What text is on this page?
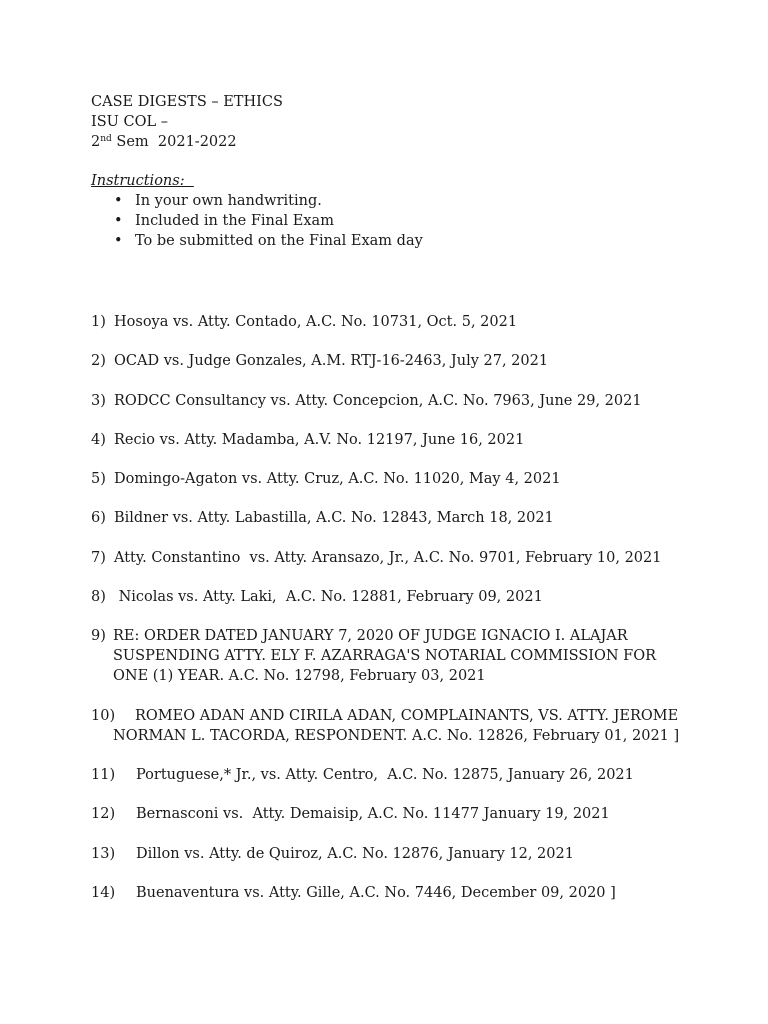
CASE DIGESTS – ETHICS
ISU COL –
2nd Sem  2021-2022
Instructions:
• In your own handwriting.
• Included in the Final Exam
• To be submitted on the Final Exam day
1) Hosoya vs. Atty. Contado, A.C. No. 10731, Oct. 5, 2021
2) OCAD vs. Judge Gonzales, A.M. RTJ-16-2463, July 27, 2021
3) RODCC Consultancy vs. Atty. Concepcion, A.C. No. 7963, June 29, 2021
4) Recio vs. Atty. Madamba, A.V. No. 12197, June 16, 2021
5) Domingo-Agaton vs. Atty. Cruz, A.C. No. 11020, May 4, 2021
6) Bildner vs. Atty. Labastilla, A.C. No. 12843, March 18, 2021
7) Atty. Constantino  vs. Atty. Aransazo, Jr., A.C. No. 9701, February 10, 2021
8) Nicolas vs. Atty. Laki,  A.C. No. 12881, February 09, 2021
9) RE: ORDER DATED JANUARY 7, 2020 OF JUDGE IGNACIO I. ALAJAR SUSPENDING ATTY. ELY F. AZARRAGA'S NOTARIAL COMMISSION FOR ONE (1) YEAR. A.C. No. 12798, February 03, 2021
10)	ROMEO ADAN AND CIRILA ADAN, COMPLAINANTS, VS. ATTY. JEROME NORMAN L. TACORDA, RESPONDENT. A.C. No. 12826, February 01, 2021 ]
11)	Portuguese,* Jr., vs. Atty. Centro,  A.C. No. 12875, January 26, 2021
12)	Bernasconi vs.  Atty. Demaisip, A.C. No. 11477 January 19, 2021
13)	Dillon vs. Atty. de Quiroz, A.C. No. 12876, January 12, 2021
14)	Buenaventura vs. Atty. Gille, A.C. No. 7446, December 09, 2020 ]
